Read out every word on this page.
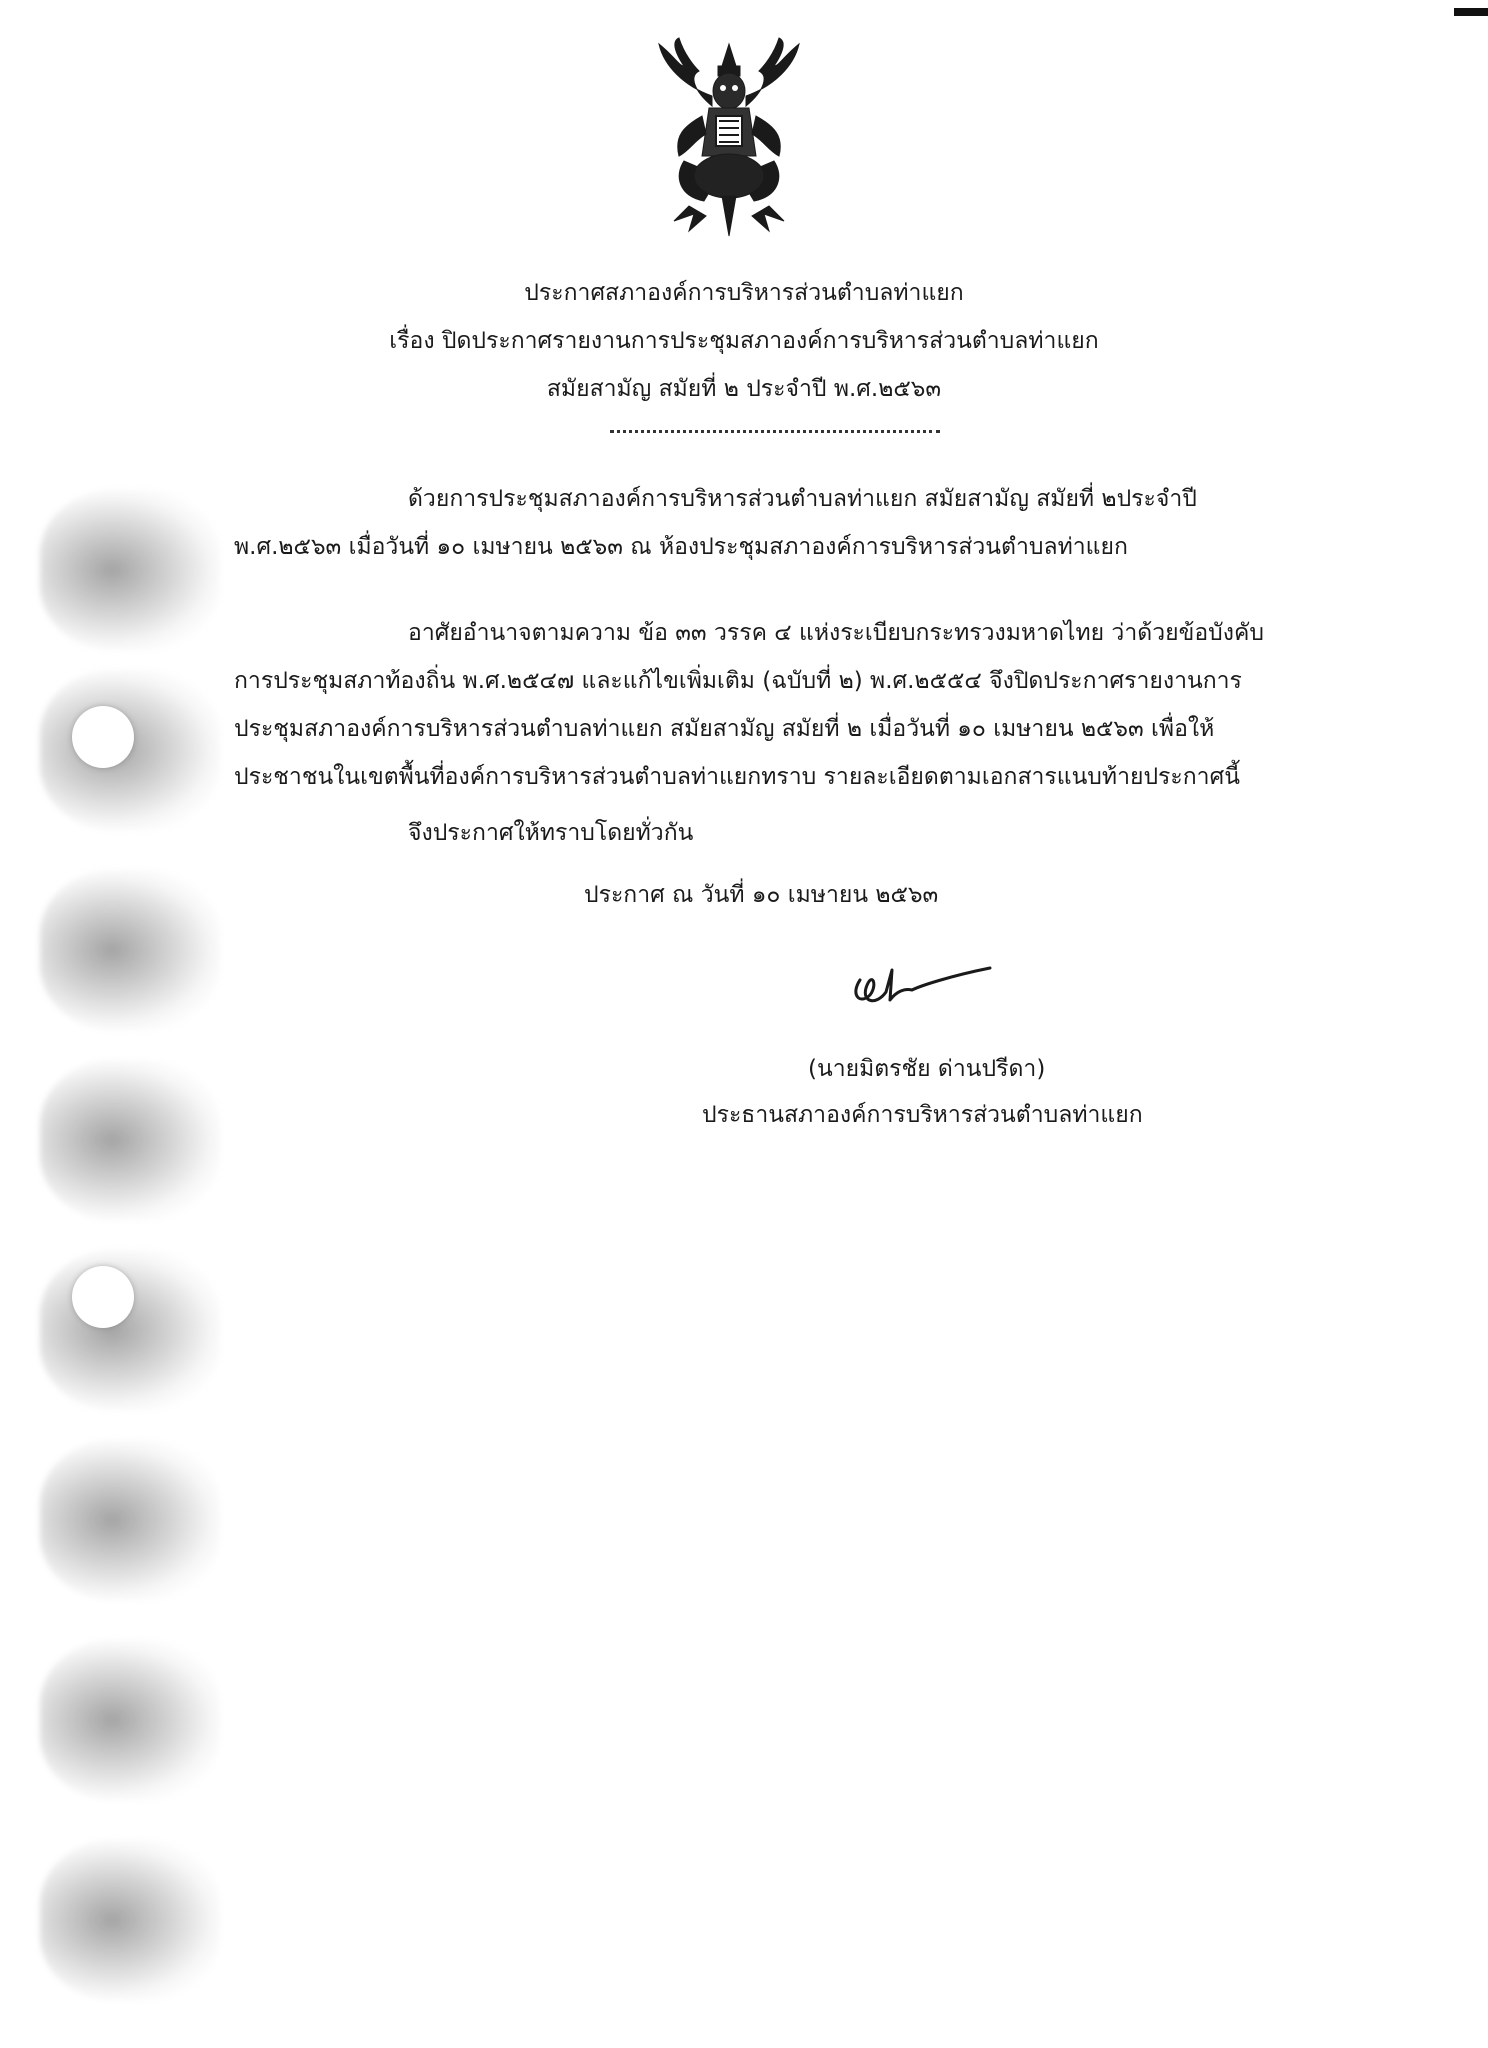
ประกาศสภาองค์การบริหารส่วนตำบลท่าแยก
เรื่อง ปิดประกาศรายงานการประชุมสภาองค์การบริหารส่วนตำบลท่าแยก
สมัยสามัญ สมัยที่ ๒ ประจำปี พ.ศ.๒๕๖๓
ด้วยการประชุมสภาองค์การบริหารส่วนตำบลท่าแยก สมัยสามัญ สมัยที่ ๒ประจำปี
พ.ศ.๒๕๖๓ เมื่อวันที่ ๑๐ เมษายน ๒๕๖๓ ณ ห้องประชุมสภาองค์การบริหารส่วนตำบลท่าแยก
อาศัยอำนาจตามความ ข้อ ๓๓ วรรค ๔ แห่งระเบียบกระทรวงมหาดไทย ว่าด้วยข้อบังคับ
การประชุมสภาท้องถิ่น พ.ศ.๒๕๔๗ และแก้ไขเพิ่มเติม (ฉบับที่ ๒) พ.ศ.๒๕๕๔ จึงปิดประกาศรายงานการ
ประชุมสภาองค์การบริหารส่วนตำบลท่าแยก สมัยสามัญ สมัยที่ ๒ เมื่อวันที่ ๑๐ เมษายน ๒๕๖๓ เพื่อให้
ประชาชนในเขตพื้นที่องค์การบริหารส่วนตำบลท่าแยกทราบ รายละเอียดตามเอกสารแนบท้ายประกาศนี้
จึงประกาศให้ทราบโดยทั่วกัน
ประกาศ ณ วันที่ ๑๐ เมษายน ๒๕๖๓
(นายมิตรชัย ด่านปรีดา)
ประธานสภาองค์การบริหารส่วนตำบลท่าแยก
